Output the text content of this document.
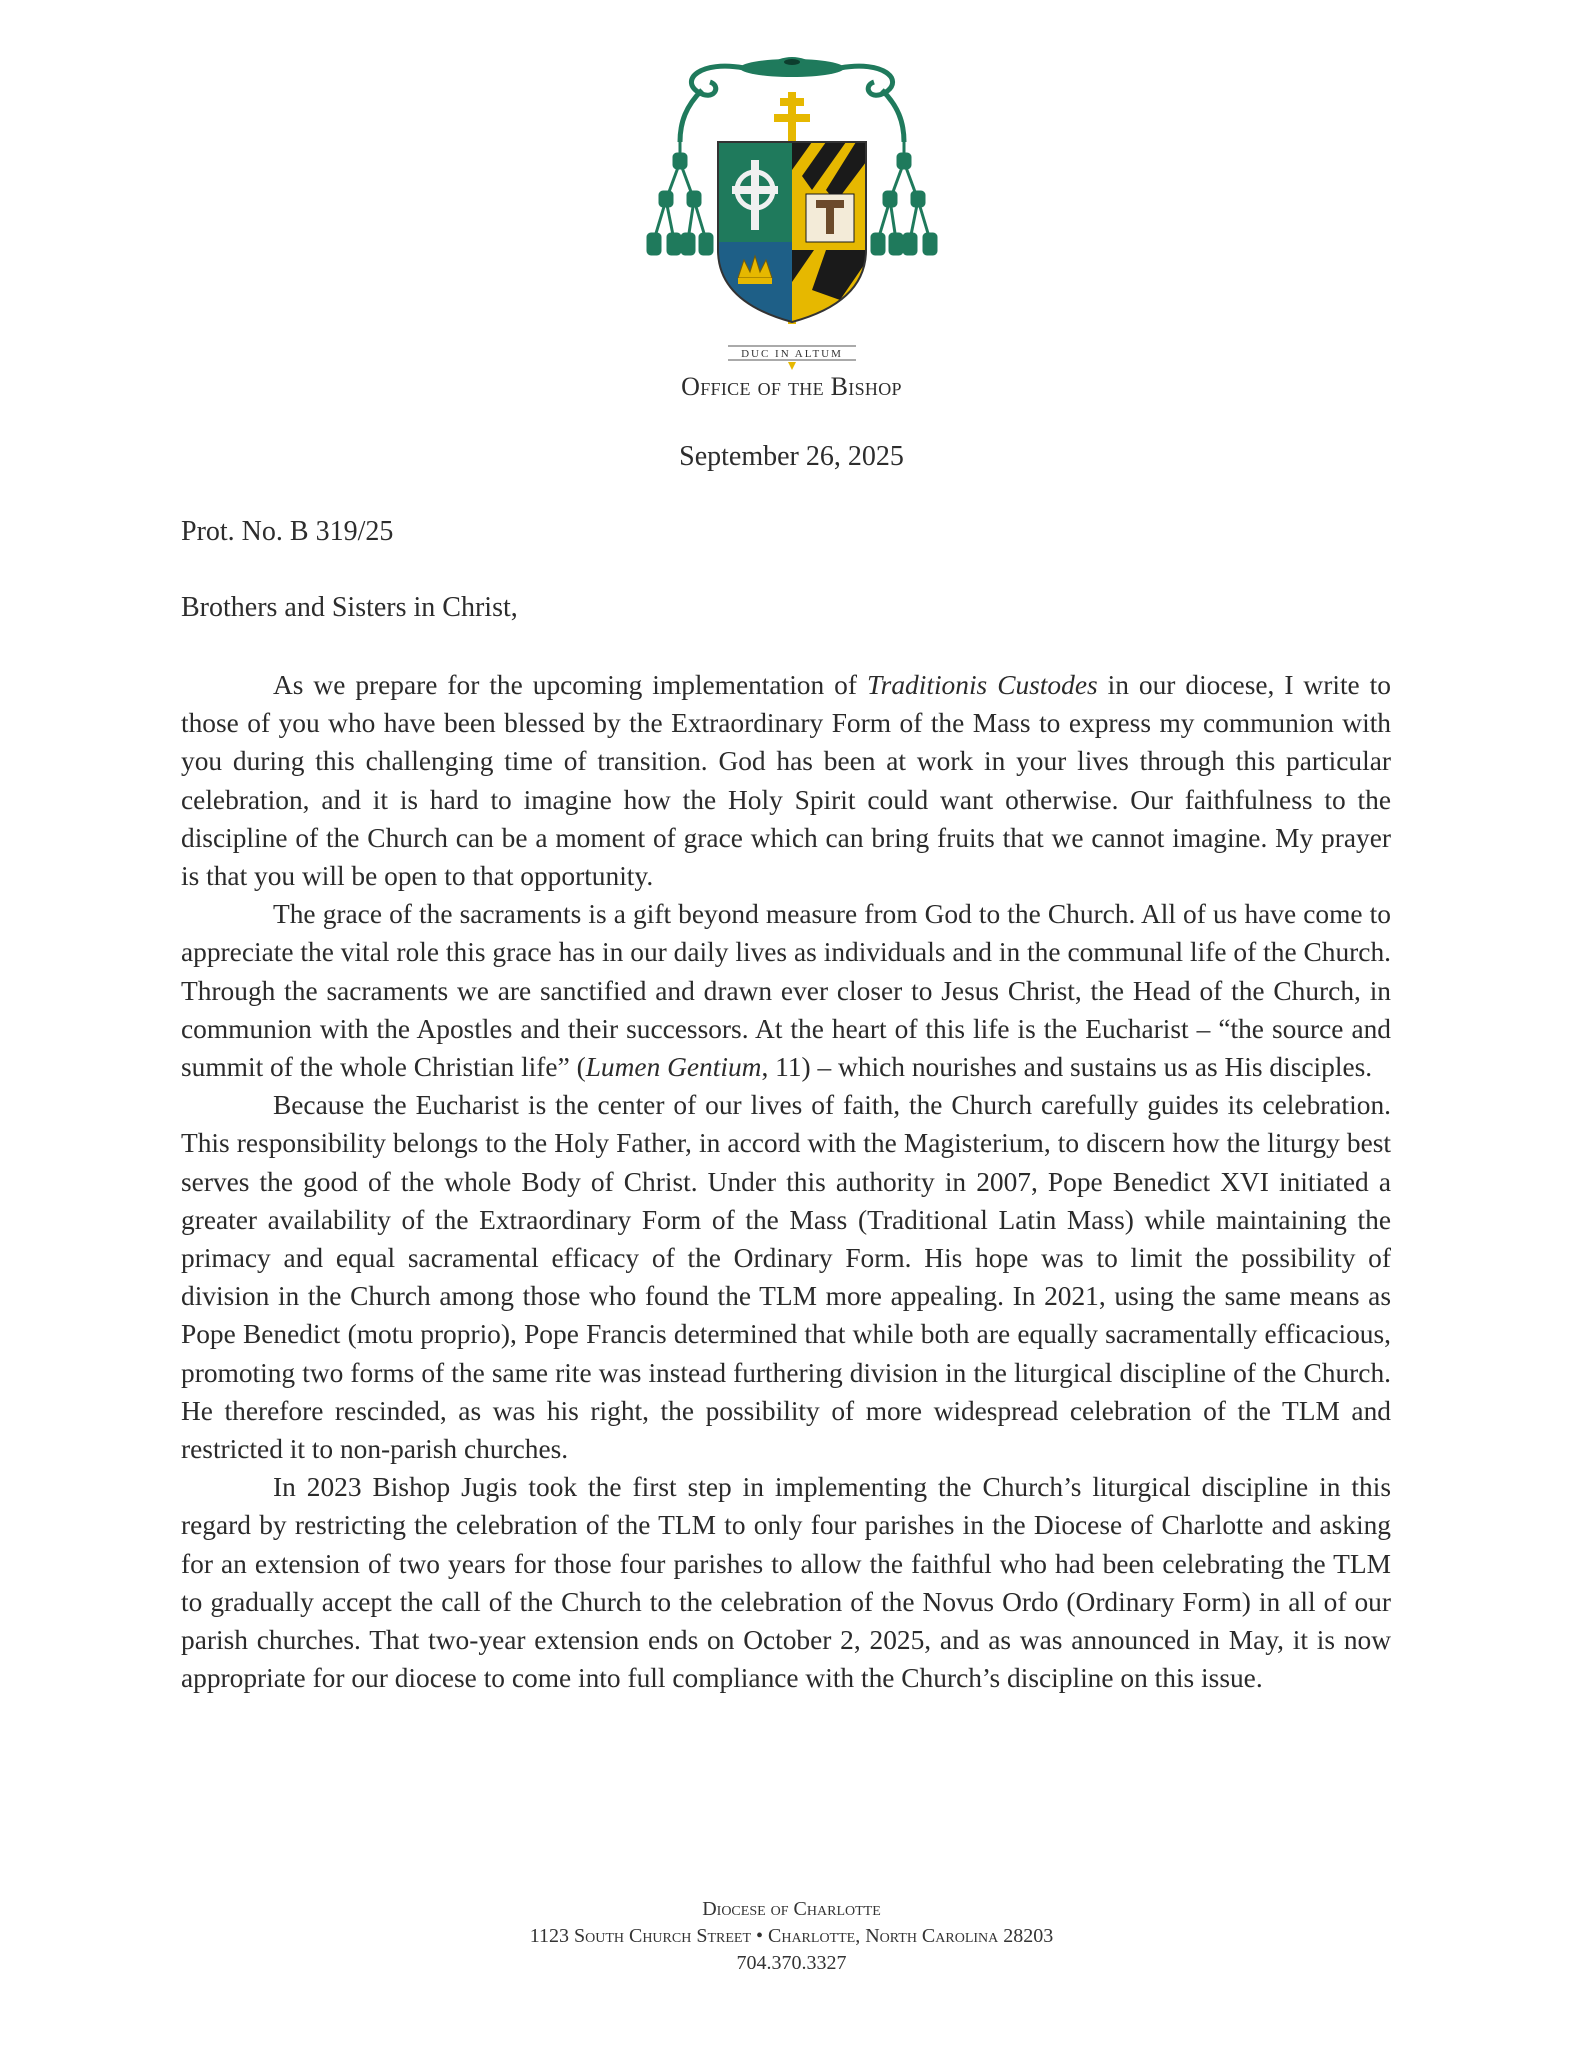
DUC IN ALTUM
Office of the Bishop
September 26, 2025
Prot. No. B 319/25
Brothers and Sisters in Christ,

As we prepare for the upcoming implementation of Traditionis Custodes in our diocese, I write to those of you who have been blessed by the Extraordinary Form of the Mass to express my communion with you during this challenging time of transition. God has been at work in your lives through this particular celebration, and it is hard to imagine how the Holy Spirit could want otherwise. Our faithfulness to the discipline of the Church can be a moment of grace which can bring fruits that we cannot imagine. My prayer is that you will be open to that opportunity.

The grace of the sacraments is a gift beyond measure from God to the Church. All of us have come to appreciate the vital role this grace has in our daily lives as individuals and in the communal life of the Church. Through the sacraments we are sanctified and drawn ever closer to Jesus Christ, the Head of the Church, in communion with the Apostles and their successors. At the heart of this life is the Eucharist – “the source and summit of the whole Christian life” (Lumen Gentium, 11) – which nourishes and sustains us as His disciples.

Because the Eucharist is the center of our lives of faith, the Church carefully guides its celebration. This responsibility belongs to the Holy Father, in accord with the Magisterium, to discern how the liturgy best serves the good of the whole Body of Christ. Under this authority in 2007, Pope Benedict XVI initiated a greater availability of the Extraordinary Form of the Mass (Traditional Latin Mass) while maintaining the primacy and equal sacramental efficacy of the Ordinary Form. His hope was to limit the possibility of division in the Church among those who found the TLM more appealing. In 2021, using the same means as Pope Benedict (motu proprio), Pope Francis determined that while both are equally sacramentally efficacious, promoting two forms of the same rite was instead furthering division in the liturgical discipline of the Church. He therefore rescinded, as was his right, the possibility of more widespread celebration of the TLM and restricted it to non-parish churches.

In 2023 Bishop Jugis took the first step in implementing the Church’s liturgical discipline in this regard by restricting the celebration of the TLM to only four parishes in the Diocese of Charlotte and asking for an extension of two years for those four parishes to allow the faithful who had been celebrating the TLM to gradually accept the call of the Church to the celebration of the Novus Ordo (Ordinary Form) in all of our parish churches. That two-year extension ends on October 2, 2025, and as was announced in May, it is now appropriate for our diocese to come into full compliance with the Church’s discipline on this issue.

Diocese of Charlotte
1123 South Church Street • Charlotte, North Carolina 28203
704.370.3327
